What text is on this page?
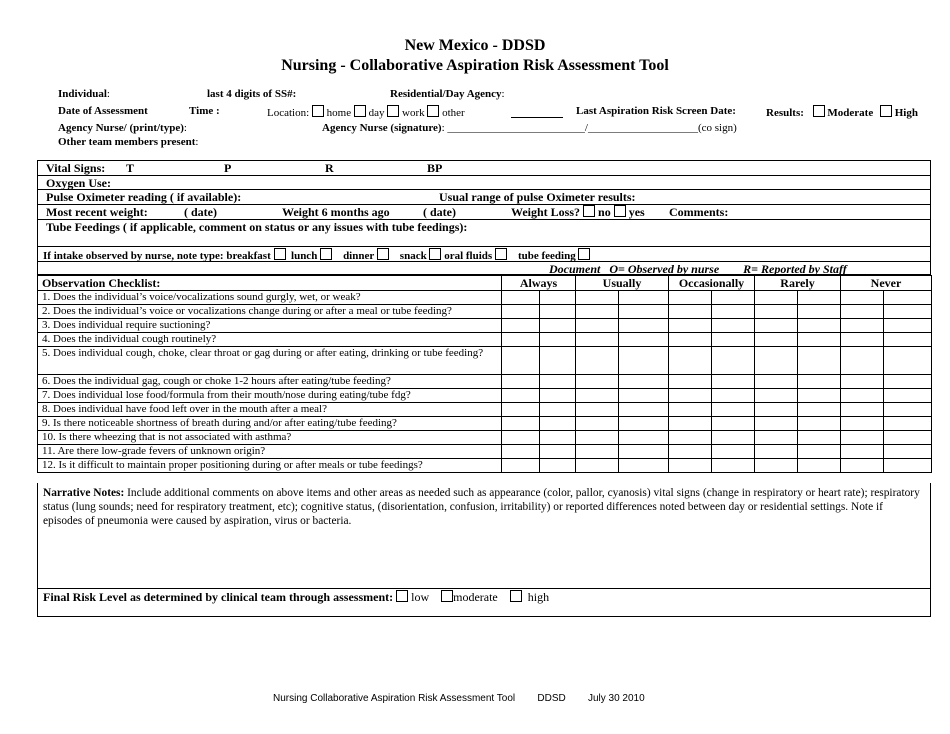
New Mexico - DDSD
Nursing - Collaborative Aspiration Risk Assessment Tool
Individual:	last 4 digits of SS#:	Residential/Day Agency:
Date of Assessment	Time :	Location: home day work other	Last Aspiration Risk Screen Date:	Results: Moderate High
Agency Nurse/ (print/type):	Agency Nurse (signature): _________________________/____________________(co sign)
Other team members present:
Vital Signs: T	P	R	BP
Oxygen Use:
Pulse Oximeter reading ( if available):	Usual range of pulse Oximeter results:
Most recent weight:	( date)	Weight 6 months ago	( date)	Weight Loss? no yes Comments:
Tube Feedings ( if applicable, comment on status or any issues with tube feedings):
If intake observed by nurse, note type: breakfast lunch dinner snack oral fluids tube feeding
Document O= Observed by nurse R= Reported by Staff
Observation Checklist:	Always		Usually		Occasionally		Rarely		Never	
1. Does the individual’s voice/vocalizations sound gurgly, wet, or weak?										
2. Does the individual’s voice or vocalizations change during or after a meal or tube feeding?										
3. Does individual require suctioning?										
4. Does the individual cough routinely?										
5. Does individual cough, choke, clear throat or gag during or after eating, drinking or tube feeding?										
6. Does the individual gag, cough or choke 1-2 hours after eating/tube feeding?										
7. Does individual lose food/formula from their mouth/nose during eating/tube fdg?										
8. Does individual have food left over in the mouth after a meal?										
9. Is there noticeable shortness of breath during and/or after eating/tube feeding?										
10. Is there wheezing that is not associated with asthma?										
11. Are there low-grade fevers of unknown origin?										
12. Is it difficult to maintain proper positioning during or after meals or tube feedings?										
Narrative Notes: Include additional comments on above items and other areas as needed such as appearance (color, pallor, cyanosis) vital signs (change in respiratory or heart rate); respiratory status (lung sounds; need for respiratory treatment, etc); cognitive status, (disorientation, confusion, irritability) or reported differences noted between day or residential settings. Note if episodes of pneumonia were caused by aspiration, virus or bacteria.
Final Risk Level as determined by clinical team through assessment: low moderate	high
Nursing Collaborative Aspiration Risk Assessment Tool DDSD July 30 2010
